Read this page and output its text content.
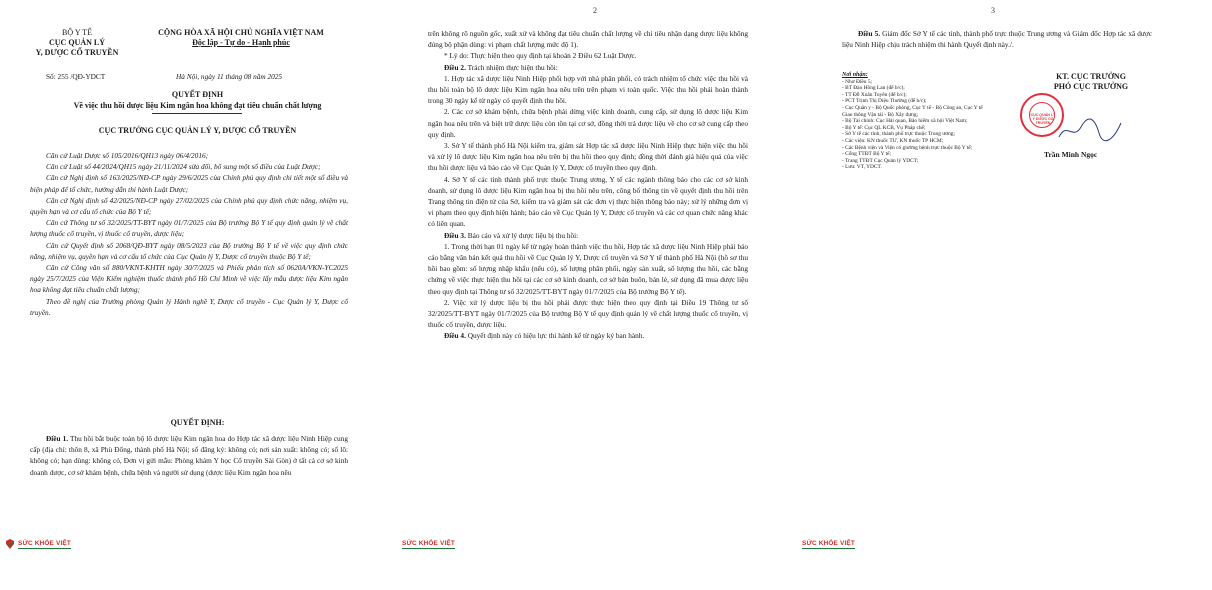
BỘ Y TẾ
CỤC QUẢN LÝ
Y, DƯỢC CỔ TRUYỀN
CỘNG HÒA XÃ HỘI CHỦ NGHĨA VIỆT NAM
Độc lập - Tự do - Hạnh phúc
Số: 255 /QĐ-YDCT	Hà Nội, ngày 11 tháng 08 năm 2025
QUYẾT ĐỊNH
Về việc thu hồi dược liệu Kim ngân hoa không đạt tiêu chuẩn chất lượng
CỤC TRƯỞNG CỤC QUẢN LÝ Y, DƯỢC CỔ TRUYỀN

Căn cứ Luật Dược số 105/2016/QH13 ngày 06/4/2016;

Căn cứ Luật số 44/2024/QH15 ngày 21/11/2024 sửa đổi, bổ sung một số điều của Luật Dược;

Căn cứ Nghị định số 163/2025/NĐ-CP ngày 29/6/2025 của Chính phủ quy định chi tiết một số điều và biện pháp để tổ chức, hướng dẫn thi hành Luật Dược;

Căn cứ Nghị định số 42/2025/NĐ-CP ngày 27/02/2025 của Chính phủ quy định chức năng, nhiệm vụ, quyền hạn và cơ cấu tổ chức của Bộ Y tế;

Căn cứ Thông tư số 32/2025/TT-BYT ngày 01/7/2025 của Bộ trưởng Bộ Y tế quy định quản lý về chất lượng thuốc cổ truyền, vị thuốc cổ truyền, dược liệu;

Căn cứ Quyết định số 2068/QĐ-BYT ngày 08/5/2023 của Bộ trưởng Bộ Y tế về việc quy định chức năng, nhiệm vụ, quyền hạn và cơ cấu tổ chức của Cục Quản lý Y, Dược cổ truyền thuộc Bộ Y tế;

Căn cứ Công văn số 880/VKNT-KHTH ngày 30/7/2025 và Phiếu phân tích số 0620A/VKN-YC2025 ngày 25/7/2025 của Viện Kiểm nghiệm thuốc thành phố Hồ Chí Minh về việc lấy mẫu dược liệu Kim ngân hoa không đạt tiêu chuẩn chất lượng;

Theo đề nghị của Trưởng phòng Quản lý Hành nghề Y, Dược cổ truyền - Cục Quản lý Y, Dược cổ truyền.

QUYẾT ĐỊNH:

Điều 1. Thu hồi bắt buộc toàn bộ lô dược liệu Kim ngân hoa do Hợp tác xã dược liệu Ninh Hiệp cung cấp (địa chỉ: thôn 8, xã Phù Đổng, thành phố Hà Nội; số đăng ký: không có; nơi sản xuất: không có; số lô: không có; hạn dùng: không có, Đơn vị gửi mẫu: Phòng khám Y học Cổ truyền Sài Gòn) ở tất cả cơ sở kinh doanh dược, cơ sở khám bệnh, chữa bệnh và người sử dụng (dược liệu Kim ngân hoa nêu

SỨC KHỎE VIỆT
2

trên không rõ nguồn gốc, xuất xứ và không đạt tiêu chuẩn chất lượng về chỉ tiêu nhận dạng dược liệu không đúng bộ phận dùng: vi phạm chất lượng mức độ 1).

* Lý do: Thực hiện theo quy định tại khoản 2 Điều 62 Luật Dược.

Điều 2. Trách nhiệm thực hiện thu hồi:

1. Hợp tác xã dược liệu Ninh Hiệp phối hợp với nhà phân phối, có trách nhiệm tổ chức việc thu hồi và thu hồi toàn bộ lô dược liệu Kim ngân hoa nêu trên trên phạm vi toàn quốc. Việc thu hồi phải hoàn thành trong 30 ngày kể từ ngày có quyết định thu hồi.

2. Các cơ sở khám bệnh, chữa bệnh phải dừng việc kinh doanh, cung cấp, sử dụng lô dược liệu Kim ngân hoa nêu trên và biệt trữ dược liệu còn tồn tại cơ sở, đồng thời trả dược liệu về cho cơ sở cung cấp theo quy định.

3. Sở Y tế thành phố Hà Nội kiểm tra, giám sát Hợp tác xã dược liệu Ninh Hiệp thực hiện việc thu hồi và xử lý lô dược liệu Kim ngân hoa nêu trên bị thu hồi theo quy định; đồng thời đánh giá hiệu quả của việc thu hồi dược liệu và báo cáo về Cục Quản lý Y, Dược cổ truyền theo quy định.

4. Sở Y tế các tỉnh thành phố trực thuộc Trung ương, Y tế các ngành thông báo cho các cơ sở kinh doanh, sử dụng lô dược liệu Kim ngân hoa bị thu hồi nêu trên, công bố thông tin về quyết định thu hồi trên Trang thông tin điện tử của Sở, kiểm tra và giám sát các đơn vị thực hiện thông báo này; xử lý những đơn vị vi phạm theo quy định hiện hành; báo cáo về Cục Quản lý Y, Dược cổ truyền và các cơ quan chức năng khác có liên quan.

Điều 3. Báo cáo và xử lý dược liệu bị thu hồi:

1. Trong thời hạn 01 ngày kể từ ngày hoàn thành việc thu hồi, Hợp tác xã dược liệu Ninh Hiệp phải báo cáo bằng văn bản kết quả thu hồi về Cục Quản lý Y, Dược cổ truyền và Sở Y tế thành phố Hà Nội (hồ sơ thu hồi bao gồm: số lượng nhập khẩu (nếu có), số lượng phân phối, ngày sản xuất, số lượng thu hồi, các bằng chứng về việc thực hiện thu hồi tại các cơ sở kinh doanh, cơ sở bán buôn, bán lẻ, sử dụng đã mua dược liệu theo quy định tại Thông tư số 32/2025/TT-BYT ngày 01/7/2025 của Bộ trưởng Bộ Y tế).

2. Việc xử lý dược liệu bị thu hồi phải được thực hiện theo quy định tại Điều 19 Thông tư số 32/2025/TT-BYT ngày 01/7/2025 của Bộ trưởng Bộ Y tế quy định quản lý về chất lượng thuốc cổ truyền, vị thuốc cổ truyền, dược liệu.

Điều 4. Quyết định này có hiệu lực thi hành kể từ ngày ký ban hành.

SỨC KHỎE VIỆT
3

Điều 5. Giám đốc Sở Y tế các tỉnh, thành phố trực thuộc Trung ương và Giám đốc Hợp tác xã dược liệu Ninh Hiệp chịu trách nhiệm thi hành Quyết định này./.

Nơi nhận:
- Như Điều 5;
- BT Đào Hồng Lan (để b/c);
- TT Đỗ Xuân Tuyên (để b/c);
- PCT Trịnh Thị Diệu Thường (để b/c);
- Cục Quân y - Bộ Quốc phòng, Cục Y tế - Bộ Công an, Cục Y tế Giao thông Vận tải - Bộ Xây dựng;
- Bộ Tài chính: Cục Hải quan, Bảo hiểm xã hội Việt Nam;
- Bộ Y tế: Cục QL KCB, Vụ Pháp chế;
- Sở Y tế các tỉnh, thành phố trực thuộc Trung ương;
- Các viện: KN thuốc TƯ, KN thuốc TP HCM;
- Các Bệnh viện và Viện có giường bệnh trực thuộc Bộ Y tế;
- Cổng TTĐT Bộ Y tế;
- Trang TTĐT Cục Quản lý YDCT;
- Lưu: VT, YDCT.
KT. CỤC TRƯỞNG
PHÓ CỤC TRƯỞNG
CỤC QUẢN LÝ Y DƯỢC CỔ TRUYỀN
Trần Minh Ngọc
SỨC KHỎE VIỆT
